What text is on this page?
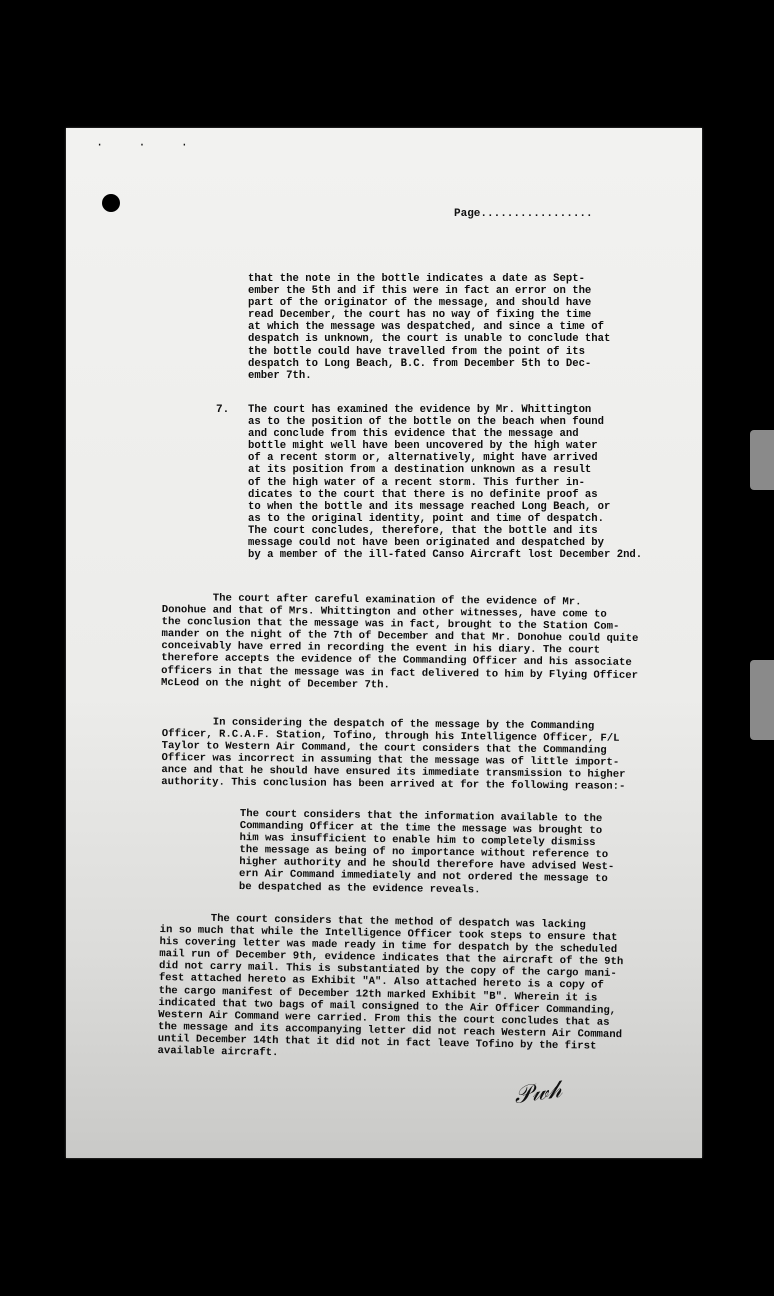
· · ·
Page.................
that the note in the bottle indicates a date as Sept-
ember the 5th and if this were in fact an error on the
part of the originator of the message, and should have
read December, the court has no way of fixing the time
at which the message was despatched, and since a time of
despatch is unknown, the court is unable to conclude that
the bottle could have travelled from the point of its
despatch to Long Beach, B.C. from December 5th to Dec-
ember 7th.
7. The court has examined the evidence by Mr. Whittington
as to the position of the bottle on the beach when found
and conclude from this evidence that the message and
bottle might well have been uncovered by the high water
of a recent storm or, alternatively, might have arrived
at its position from a destination unknown as a result
of the high water of a recent storm. This further in-
dicates to the court that there is no definite proof as
to when the bottle and its message reached Long Beach, or
as to the original identity, point and time of despatch.
The court concludes, therefore, that the bottle and its
message could not have been originated and despatched by
by a member of the ill-fated Canso Aircraft lost December 2nd.
The court after careful examination of the evidence of Mr.
Donohue and that of Mrs. Whittington and other witnesses, have come to
the conclusion that the message was in fact, brought to the Station Com-
mander on the night of the 7th of December and that Mr. Donohue could quite
conceivably have erred in recording the event in his diary. The court
therefore accepts the evidence of the Commanding Officer and his associate
officers in that the message was in fact delivered to him by Flying Officer
McLeod on the night of December 7th.
In considering the despatch of the message by the Commanding
Officer, R.C.A.F. Station, Tofino, through his Intelligence Officer, F/L
Taylor to Western Air Command, the court considers that the Commanding
Officer was incorrect in assuming that the message was of little import-
ance and that he should have ensured its immediate transmission to higher
authority. This conclusion has been arrived at for the following reason:-
The court considers that the information available to the
Commanding Officer at the time the message was brought to
him was insufficient to enable him to completely dismiss
the message as being of no importance without reference to
higher authority and he should therefore have advised West-
ern Air Command immediately and not ordered the message to
be despatched as the evidence reveals.
The court considers that the method of despatch was lacking
in so much that while the Intelligence Officer took steps to ensure that
his covering letter was made ready in time for despatch by the scheduled
mail run of December 9th, evidence indicates that the aircraft of the 9th
did not carry mail. This is substantiated by the copy of the cargo mani-
fest attached hereto as Exhibit "A". Also attached hereto is a copy of
the cargo manifest of December 12th marked Exhibit "B". Wherein it is
indicated that two bags of mail consigned to the Air Officer Commanding,
Western Air Command were carried. From this the court concludes that as
the message and its accompanying letter did not reach Western Air Command
until December 14th that it did not in fact leave Tofino by the first
available aircraft.
𝒫𝓌𝒽
